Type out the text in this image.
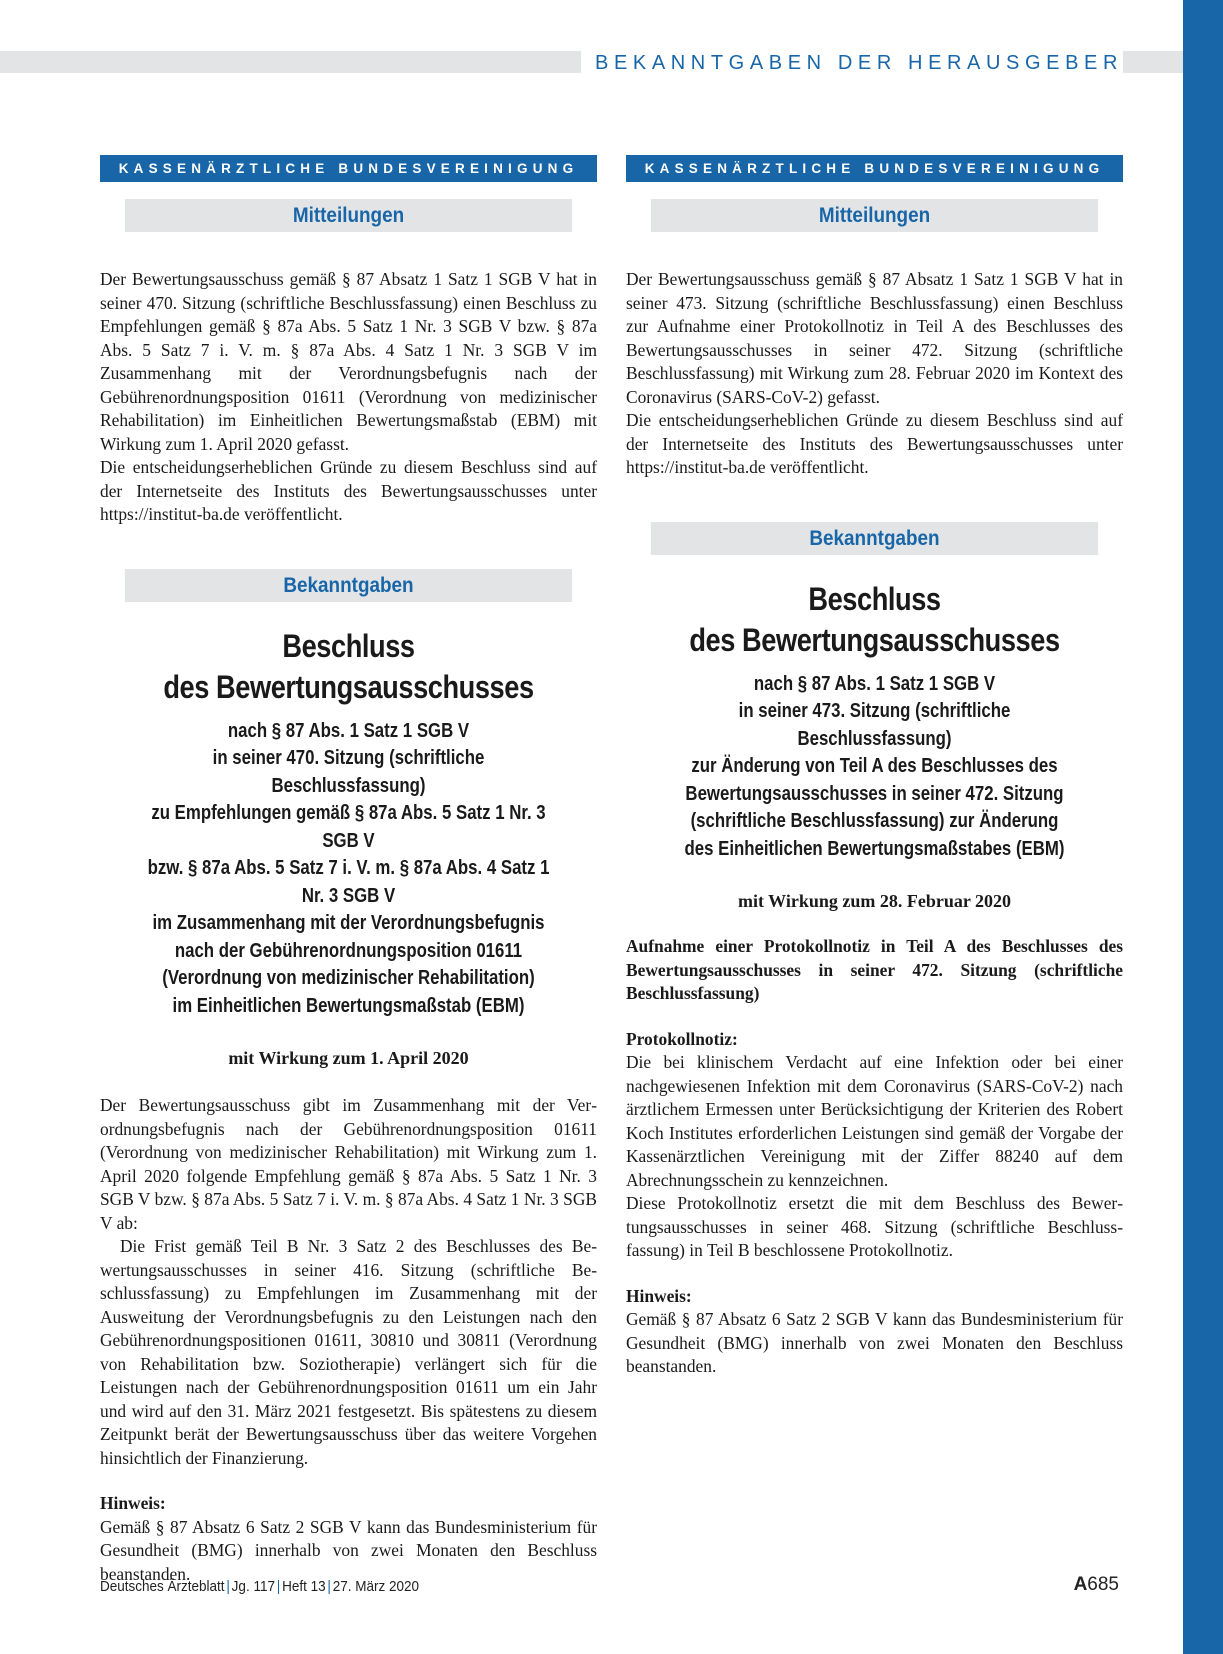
BEKANNTGABEN DER HERAUSGEBER
KASSENÄRZTLICHE BUNDESVEREINIGUNG
Mitteilungen

Der Bewertungsausschuss gemäß § 87 Absatz 1 Satz 1 SGB V hat in seiner 470. Sitzung (schriftliche Beschlussfassung) einen Beschluss zu Empfehlungen gemäß § 87a Abs. 5 Satz 1 Nr. 3 SGB V bzw. § 87a Abs. 5 Satz 7 i. V. m. § 87a Abs. 4 Satz 1 Nr. 3 SGB V im Zusammenhang mit der Verordnungsbefugnis nach der Gebührenordnungsposition 01611 (Verordnung von medizinischer Rehabilitation) im Einheitlichen Bewertungsmaßstab (EBM) mit Wirkung zum 1. April 2020 gefasst.

Die entscheidungserheblichen Gründe zu diesem Beschluss sind auf der Internetseite des Instituts des Bewertungsausschusses unter https://institut-ba.de veröffentlicht.

Bekanntgaben
Beschluss
des Bewertungsausschusses
nach § 87 Abs. 1 Satz 1 SGB V
in seiner 470. Sitzung (schriftliche Beschlussfassung)
zu Empfehlungen gemäß § 87a Abs. 5 Satz 1 Nr. 3 SGB V
bzw. § 87a Abs. 5 Satz 7 i. V. m. § 87a Abs. 4 Satz 1 Nr. 3 SGB V
im Zusammenhang mit der Verordnungsbefugnis
nach der Gebührenordnungsposition 01611
(Verordnung von medizinischer Rehabilitation)
im Einheitlichen Bewertungsmaßstab (EBM)

mit Wirkung zum 1. April 2020

Der Bewertungsausschuss gibt im Zusammenhang mit der Verordnungsbefugnis nach der Gebührenordnungsposition 01611 (Verordnung von medizinischer Rehabilitation) mit Wirkung zum 1. April 2020 folgende Empfehlung gemäß § 87a Abs. 5 Satz 1 Nr. 3 SGB V bzw. § 87a Abs. 5 Satz 7 i. V. m. § 87a Abs. 4 Satz 1 Nr. 3 SGB V ab:

Die Frist gemäß Teil B Nr. 3 Satz 2 des Beschlusses des Bewertungsausschusses in seiner 416. Sitzung (schriftliche Beschlussfassung) zu Empfehlungen im Zusammenhang mit der Ausweitung der Verordnungsbefugnis zu den Leistungen nach den Gebührenordnungspositionen 01611, 30810 und 30811 (Verordnung von Rehabilitation bzw. Soziotherapie) verlängert sich für die Leistungen nach der Gebührenordnungsposition 01611 um ein Jahr und wird auf den 31. März 2021 festgesetzt. Bis spätestens zu diesem Zeitpunkt berät der Bewertungsausschuss über das weitere Vorgehen hinsichtlich der Finanzierung.

Hinweis:

Gemäß § 87 Absatz 6 Satz 2 SGB V kann das Bundesministerium für Gesundheit (BMG) innerhalb von zwei Monaten den Beschluss beanstanden.

KASSENÄRZTLICHE BUNDESVEREINIGUNG
Mitteilungen

Der Bewertungsausschuss gemäß § 87 Absatz 1 Satz 1 SGB V hat in seiner 473. Sitzung (schriftliche Beschlussfassung) einen Beschluss zur Aufnahme einer Protokollnotiz in Teil A des Beschlusses des Bewertungsausschusses in seiner 472. Sitzung (schriftliche Beschlussfassung) mit Wirkung zum 28. Februar 2020 im Kontext des Coronavirus (SARS-CoV-2) gefasst.

Die entscheidungserheblichen Gründe zu diesem Beschluss sind auf der Internetseite des Instituts des Bewertungsausschusses unter https://institut-ba.de veröffentlicht.

Bekanntgaben
Beschluss
des Bewertungsausschusses
nach § 87 Abs. 1 Satz 1 SGB V
in seiner 473. Sitzung (schriftliche Beschlussfassung)
zur Änderung von Teil A des Beschlusses des
Bewertungsausschusses in seiner 472. Sitzung
(schriftliche Beschlussfassung) zur Änderung
des Einheitlichen Bewertungsmaßstabes (EBM)

mit Wirkung zum 28. Februar 2020

Aufnahme einer Protokollnotiz in Teil A des Beschlusses des Bewertungsausschusses in seiner 472. Sitzung (schriftliche Beschlussfassung)

Protokollnotiz:

Die bei klinischem Verdacht auf eine Infektion oder bei einer nachgewiesenen Infektion mit dem Coronavirus (SARS-CoV-2) nach ärztlichem Ermessen unter Berücksichtigung der Kriterien des Robert Koch Institutes erforderlichen Leistungen sind gemäß der Vorgabe der Kassenärztlichen Vereinigung mit der Ziffer 88240 auf dem Abrechnungsschein zu kennzeichnen.

Diese Protokollnotiz ersetzt die mit dem Beschluss des Bewertungsausschusses in seiner 468. Sitzung (schriftliche Beschlussfassung) in Teil B beschlossene Protokollnotiz.

Hinweis:

Gemäß § 87 Absatz 6 Satz 2 SGB V kann das Bundesministerium für Gesundheit (BMG) innerhalb von zwei Monaten den Beschluss beanstanden.

Deutsches Ärzteblatt | Jg. 117 | Heft 13 | 27. März 2020	A685
